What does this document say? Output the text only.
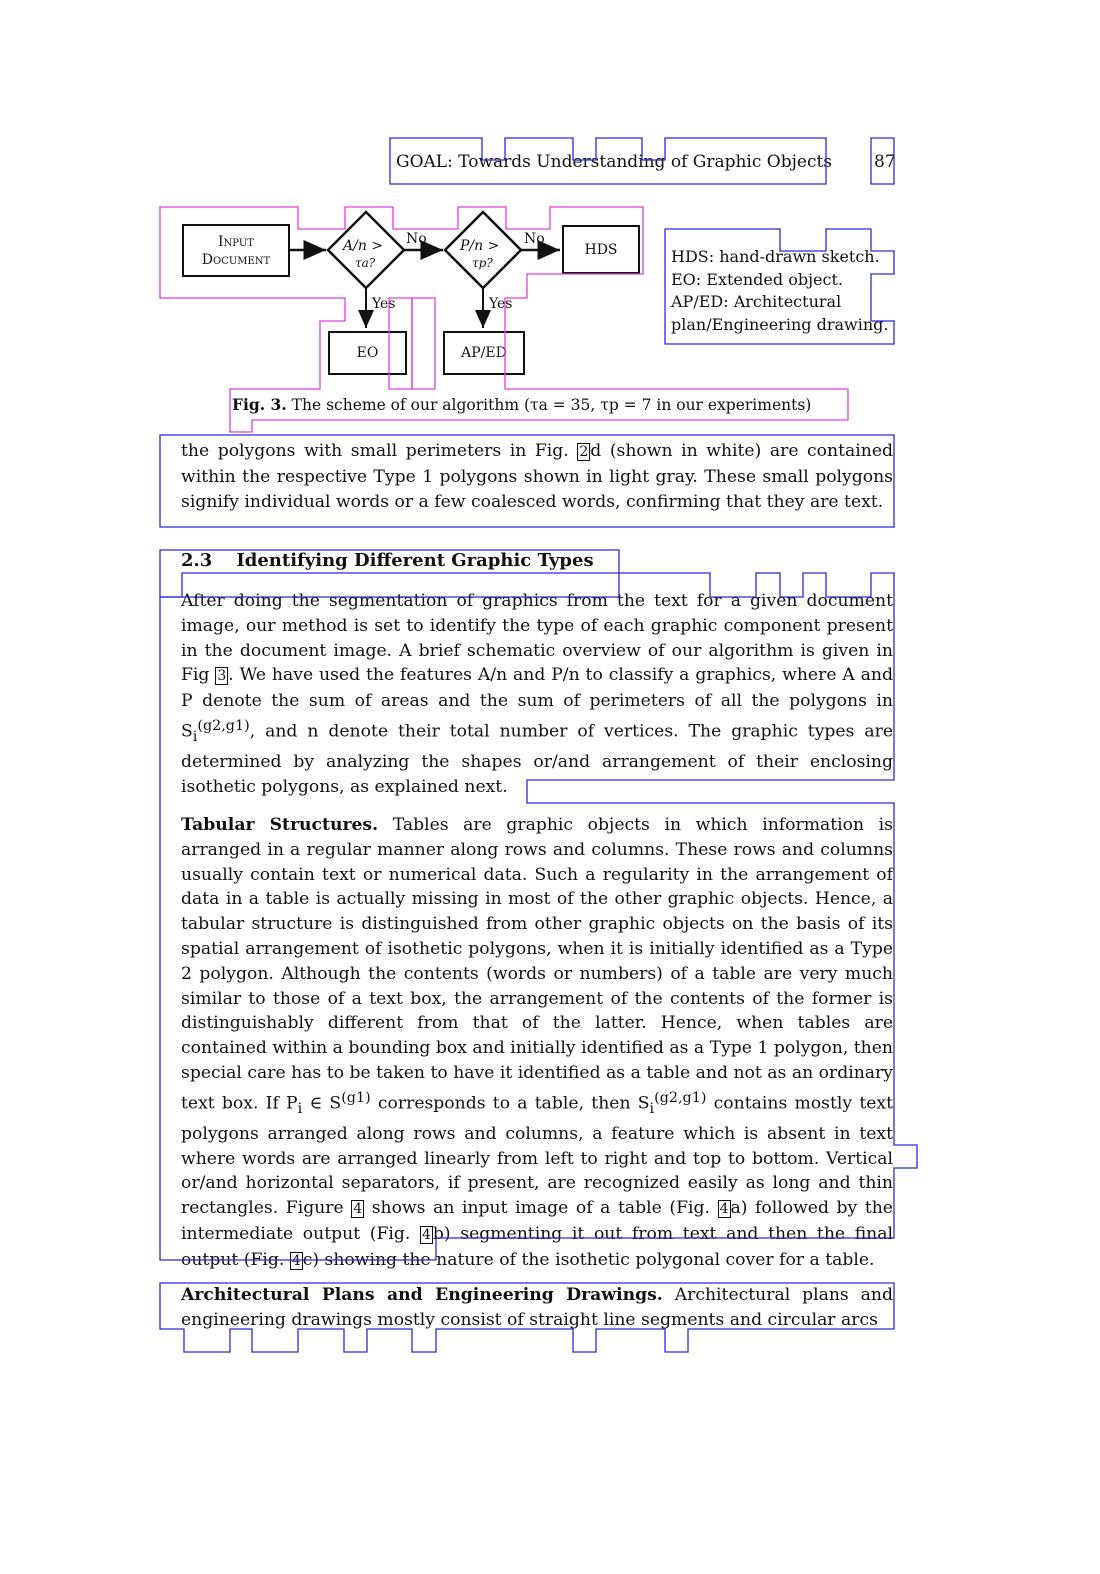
GOAL: Towards Understanding of Graphic Objects 87
Input
Document
A/n >
τa?
P/n >
τp?
No	No
Yes	Yes
HDS
EO	AP/ED
HDS: hand-drawn sketch.
EO: Extended object.
AP/ED: Architectural
plan/Engineering drawing.
Fig. 3. The scheme of our algorithm (τa = 35, τp = 7 in our experiments)
the polygons with small perimeters in Fig. 2 d (shown in white) are contained within the respective Type 1 polygons shown in light gray. These small polygons signify individual words or a few coalesced words, confirming that they are text.
2.3 Identifying Different Graphic Types
After doing the segmentation of graphics from the text for a given document image, our method is set to identify the type of each graphic component present in the document image. A brief schematic overview of our algorithm is given in Fig 3 . We have used the features A/n and P/n to classify a graphics, where A and P denote the sum of areas and the sum of perimeters of all the polygons in $S_i^{(g2,g1)}$, and n denote their total number of vertices. The graphic types are determined by analyzing the shapes or/and arrangement of their enclosing isothetic polygons, as explained next.
Tabular Structures. Tables are graphic objects in which information is arranged in a regular manner along rows and columns. These rows and columns usually contain text or numerical data. Such a regularity in the arrangement of data in a table is actually missing in most of the other graphic objects. Hence, a tabular structure is distinguished from other graphic objects on the basis of its spatial arrangement of isothetic polygons, when it is initially identified as a Type 2 polygon. Although the contents (words or numbers) of a table are very much similar to those of a text box, the arrangement of the contents of the former is distinguishably different from that of the latter. Hence, when tables are contained within a bounding box and initially identified as a Type 1 polygon, then special care has to be taken to have it identified as a table and not as an ordinary text box. If $P_i$ ∈ $S^{(g1)}$ corresponds to a table, then $S_i^{(g2,g1)}$ contains mostly text polygons arranged along rows and columns, a feature which is absent in text where words are arranged linearly from left to right and top to bottom. Vertical or/and horizontal separators, if present, are recognized easily as long and thin rectangles. Figure 4 shows an input image of a table (Fig. 4 a) followed by the intermediate output (Fig. 4 b) segmenting it out from text and then the final output (Fig. 4 c) showing the nature of the isothetic polygonal cover for a table.
Architectural Plans and Engineering Drawings. Architectural plans and engineering drawings mostly consist of straight line segments and circular arcs
